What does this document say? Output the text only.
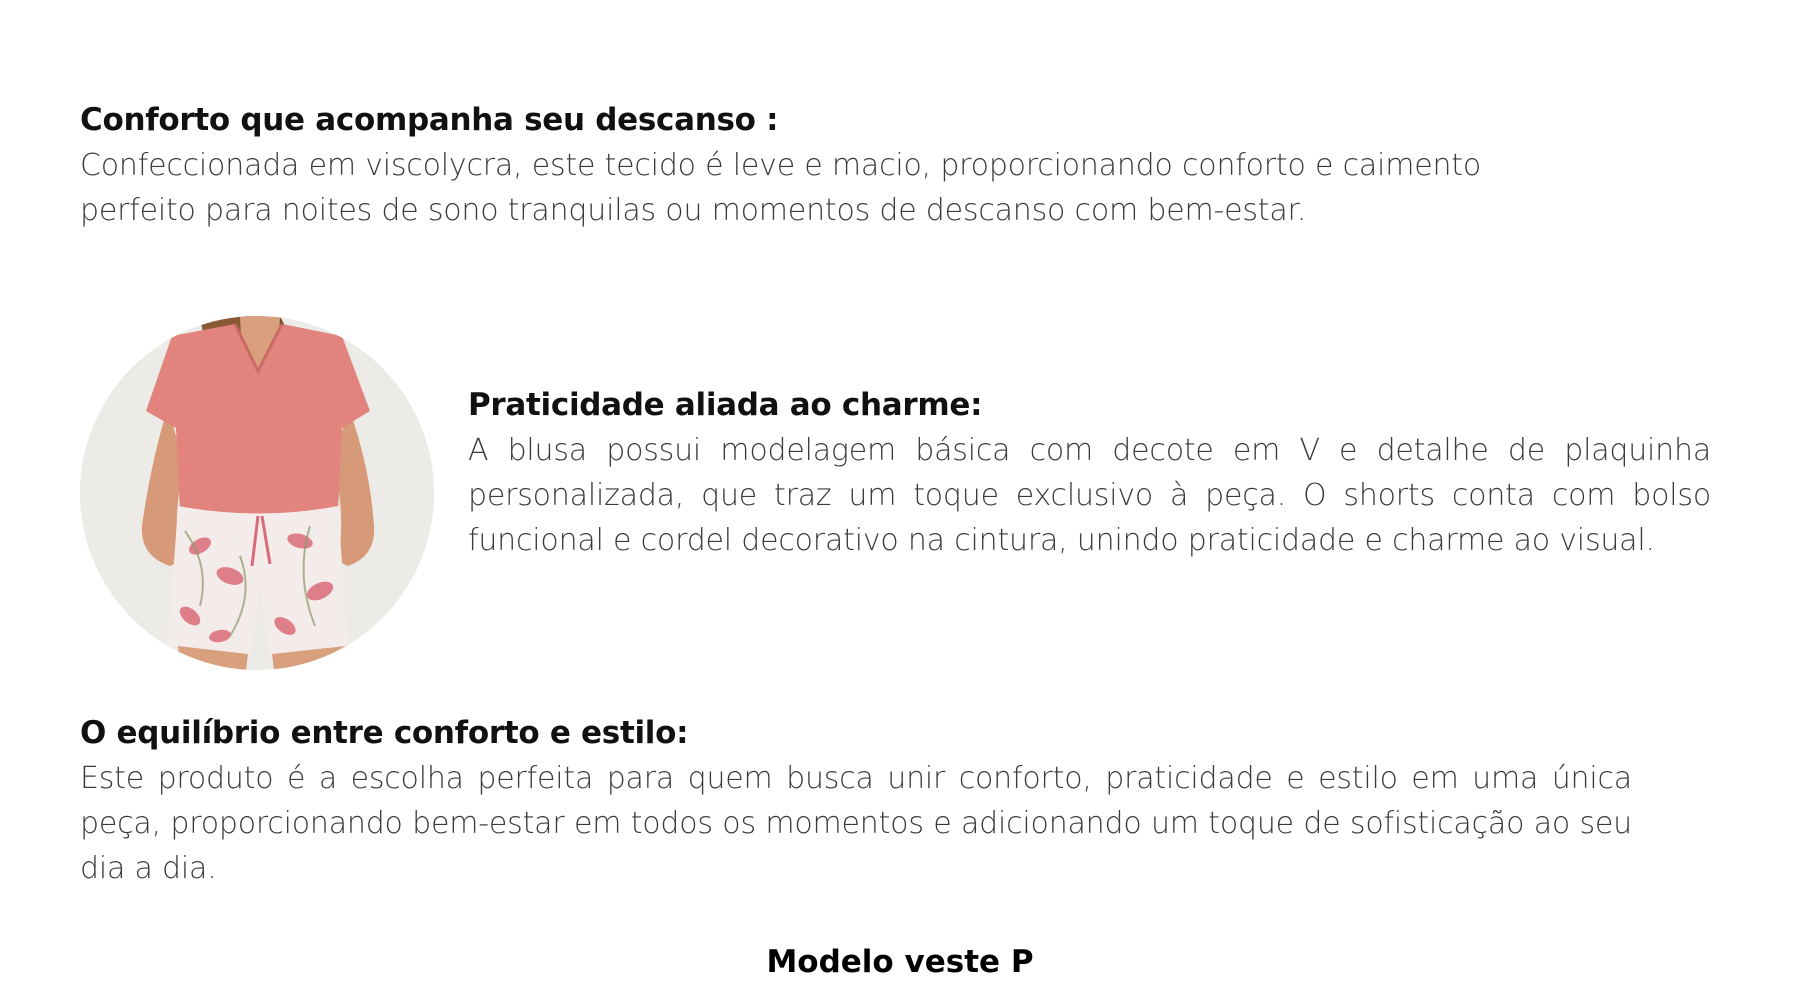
Conforto que acompanha seu descanso :

Confeccionada em viscolycra, este tecido é leve e macio, proporcionando conforto e caimento perfeito para noites de sono tranquilas ou momentos de descanso com bem-estar.

Praticidade aliada ao charme:

A blusa possui modelagem básica com decote em V e detalhe de plaquinha personalizada, que traz um toque exclusivo à peça. O shorts conta com bolso funcional e cordel decorativo na cintura, unindo praticidade e charme ao visual.

O equilíbrio entre conforto e estilo:

Este produto é a escolha perfeita para quem busca unir conforto, praticidade e estilo em uma única peça, proporcionando bem-estar em todos os momentos e adicionando um toque de sofisticação ao seu dia a dia.

Modelo veste P
